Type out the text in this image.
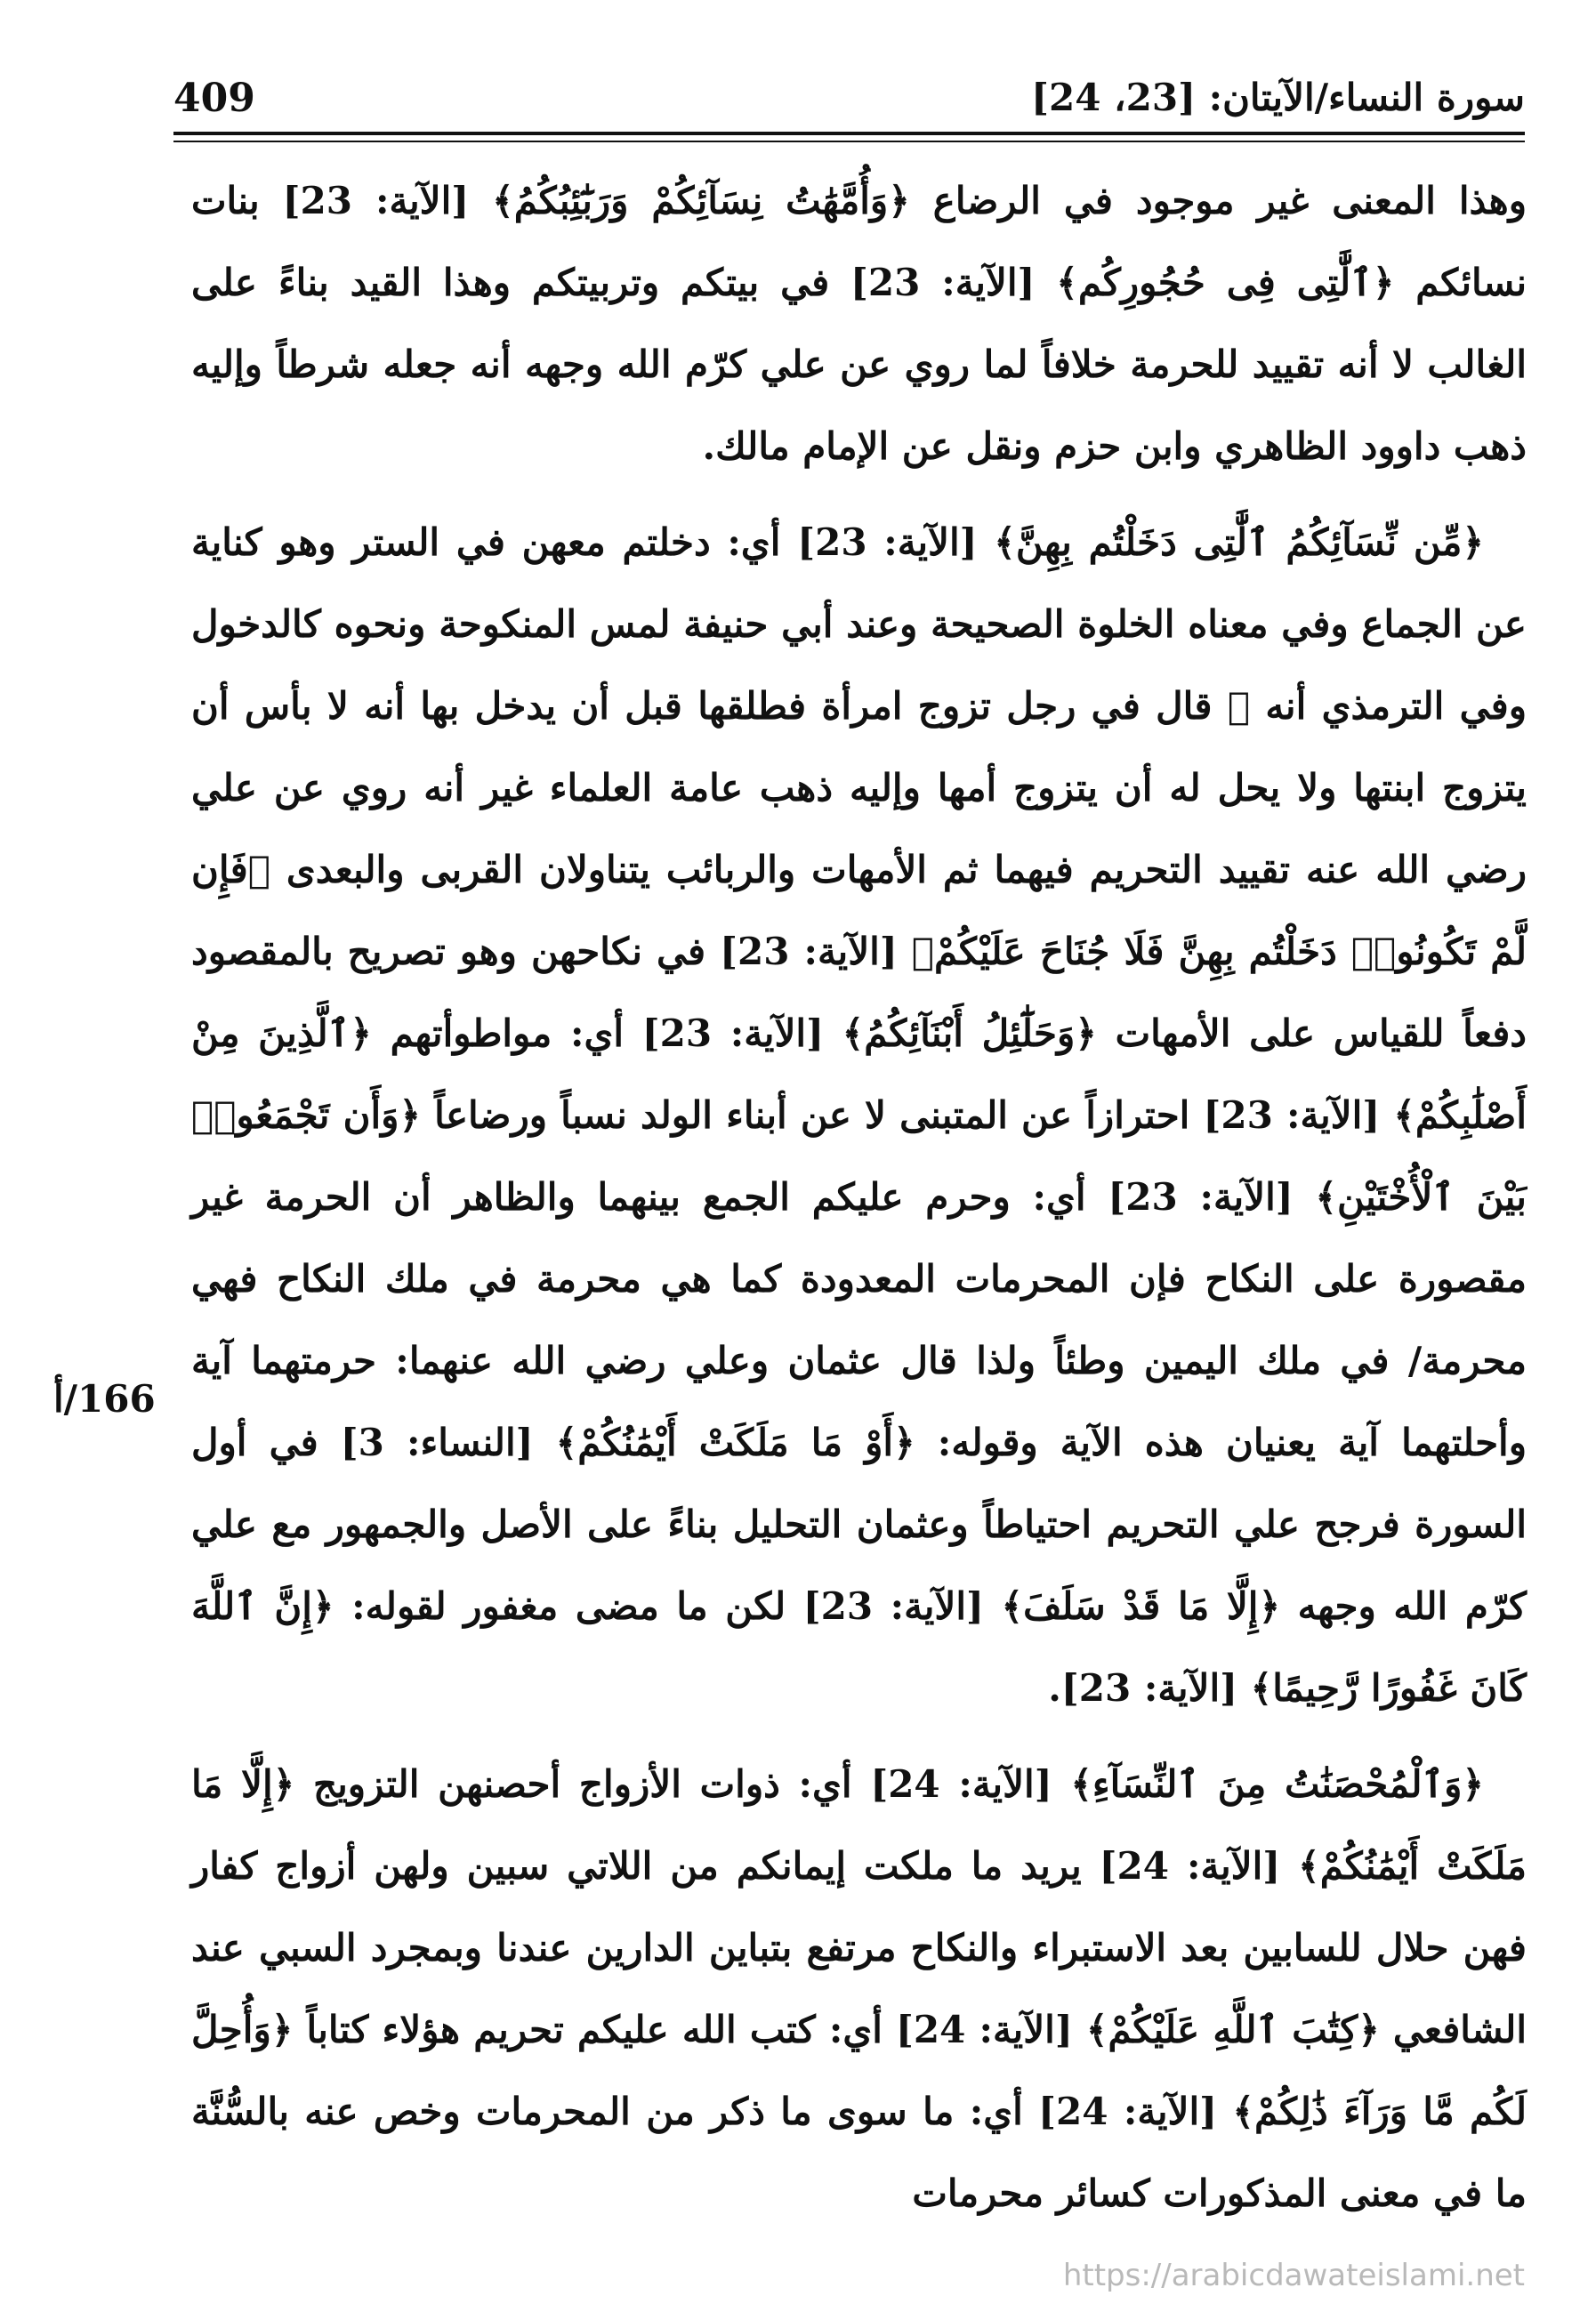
409	سورة النساء/الآيتان: [23، 24]
166/أ

وهذا المعنى غير موجود في الرضاع ﴿وَأُمَّهَٰتُ نِسَآئِكُمْ وَرَبَٰٓئِبُكُمُ﴾ [الآية: 23] بنات نسائكم ﴿ٱلَّٰتِى فِى حُجُورِكُم﴾ [الآية: 23] في بيتكم وتربيتكم وهذا القيد بناءً على الغالب لا أنه تقييد للحرمة خلافاً لما روي عن علي كرّم الله وجهه أنه جعله شرطاً وإليه ذهب داوود الظاهري وابن حزم ونقل عن الإمام مالك.

﴿مِّن نِّسَآئِكُمُ ٱلَّٰتِى دَخَلْتُم بِهِنَّ﴾ [الآية: 23] أي: دخلتم معهن في الستر وهو كناية عن الجماع وفي معناه الخلوة الصحيحة وعند أبي حنيفة لمس المنكوحة ونحوه كالدخول وفي الترمذي أنه ﷺ قال في رجل تزوج امرأة فطلقها قبل أن يدخل بها أنه لا بأس أن يتزوج ابنتها ولا يحل له أن يتزوج أمها وإليه ذهب عامة العلماء غير أنه روي عن علي رضي الله عنه تقييد التحريم فيهما ثم الأمهات والربائب يتناولان القربى والبعدى ﴿فَإِن لَّمْ تَكُونُوا۟ دَخَلْتُم بِهِنَّ فَلَا جُنَاحَ عَلَيْكُمْ﴾ [الآية: 23] في نكاحهن وهو تصريح بالمقصود دفعاً للقياس على الأمهات ﴿وَحَلَٰٓئِلُ أَبْنَآئِكُمُ﴾ [الآية: 23] أي: مواطوأتهم ﴿ٱلَّذِينَ مِنْ أَصْلَٰبِكُمْ﴾ [الآية: 23] احترازاً عن المتبنى لا عن أبناء الولد نسباً ورضاعاً ﴿وَأَن تَجْمَعُوا۟ بَيْنَ ٱلْأُخْتَيْنِ﴾ [الآية: 23] أي: وحرم عليكم الجمع بينهما والظاهر أن الحرمة غير مقصورة على النكاح فإن المحرمات المعدودة كما هي محرمة في ملك النكاح فهي محرمة/ في ملك اليمين وطئاً ولذا قال عثمان وعلي رضي الله عنهما: حرمتهما آية وأحلتهما آية يعنيان هذه الآية وقوله: ﴿أَوْ مَا مَلَكَتْ أَيْمَٰنُكُمْ﴾ [النساء: 3] في أول السورة فرجح علي التحريم احتياطاً وعثمان التحليل بناءً على الأصل والجمهور مع علي كرّم الله وجهه ﴿إِلَّا مَا قَدْ سَلَفَ﴾ [الآية: 23] لكن ما مضى مغفور لقوله: ﴿إِنَّ ٱللَّهَ كَانَ غَفُورًا رَّحِيمًا﴾ [الآية: 23].

﴿وَٱلْمُحْصَنَٰتُ مِنَ ٱلنِّسَآءِ﴾ [الآية: 24] أي: ذوات الأزواج أحصنهن التزويج ﴿إِلَّا مَا مَلَكَتْ أَيْمَٰنُكُمْ﴾ [الآية: 24] يريد ما ملكت إيمانكم من اللاتي سبين ولهن أزواج كفار فهن حلال للسابين بعد الاستبراء والنكاح مرتفع بتباين الدارين عندنا وبمجرد السبي عند الشافعي ﴿كِتَٰبَ ٱللَّهِ عَلَيْكُمْ﴾ [الآية: 24] أي: كتب الله عليكم تحريم هؤلاء كتاباً ﴿وَأُحِلَّ لَكُم مَّا وَرَآءَ ذَٰلِكُمْ﴾ [الآية: 24] أي: ما سوى ما ذكر من المحرمات وخص عنه بالسُّنَّة ما في معنى المذكورات كسائر محرمات

https://arabicdawateislami.net
